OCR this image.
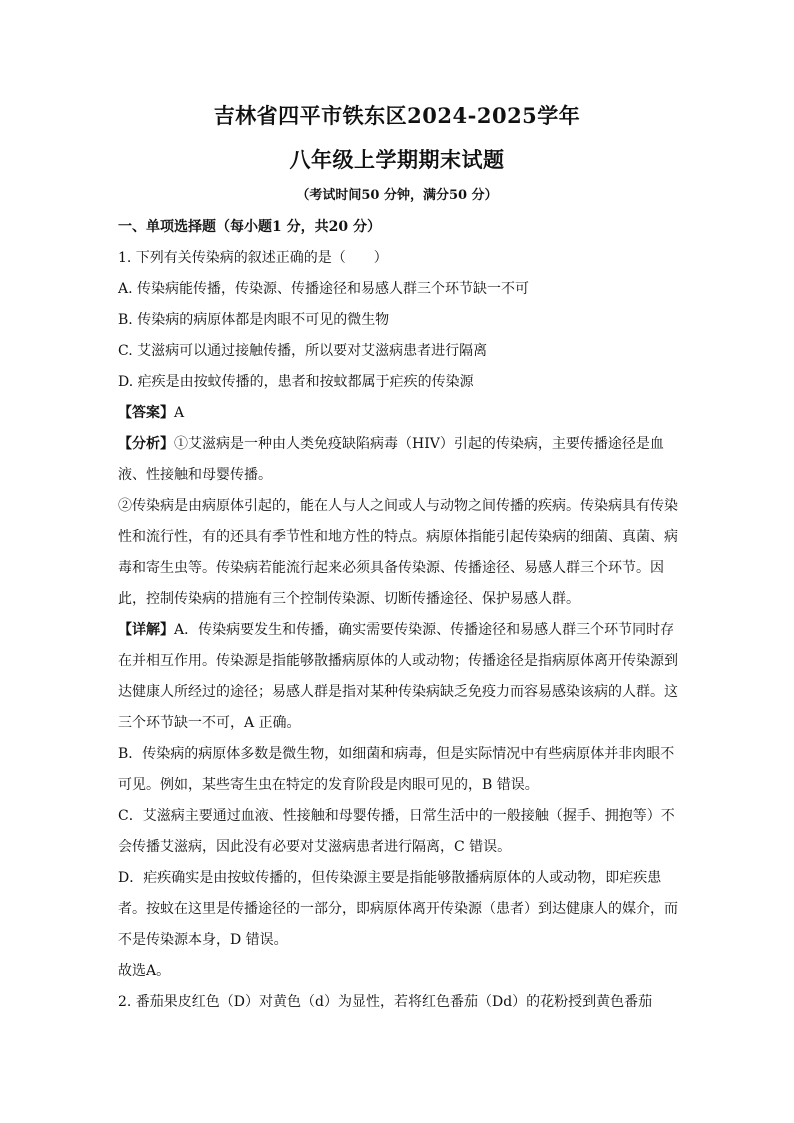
吉林省四平市铁东区2024-2025学年
八年级上学期期末试题
（考试时间50 分钟，满分50 分）

一、单项选择题（每小题1 分，共20 分）

1. 下列有关传染病的叙述正确的是（　　）

A. 传染病能传播，传染源、传播途径和易感人群三个环节缺一不可

B. 传染病的病原体都是肉眼不可见的微生物

C. 艾滋病可以通过接触传播，所以要对艾滋病患者进行隔离

D. 疟疾是由按蚊传播的，患者和按蚊都属于疟疾的传染源

【答案】A

【分析】①艾滋病是一种由人类免疫缺陷病毒（HIV）引起的传染病，主要传播途径是血液、性接触和母婴传播。

②传染病是由病原体引起的，能在人与人之间或人与动物之间传播的疾病。传染病具有传染性和流行性，有的还具有季节性和地方性的特点。病原体指能引起传染病的细菌、真菌、病毒和寄生虫等。传染病若能流行起来必须具备传染源、传播途径、易感人群三个环节。因此，控制传染病的措施有三个控制传染源、切断传播途径、保护易感人群。

【详解】A．传染病要发生和传播，确实需要传染源、传播途径和易感人群三个环节同时存在并相互作用。传染源是指能够散播病原体的人或动物；传播途径是指病原体离开传染源到达健康人所经过的途径；易感人群是指对某种传染病缺乏免疫力而容易感染该病的人群。这三个环节缺一不可，A 正确。

B．传染病的病原体多数是微生物，如细菌和病毒，但是实际情况中有些病原体并非肉眼不可见。例如，某些寄生虫在特定的发育阶段是肉眼可见的，B 错误。

C．艾滋病主要通过血液、性接触和母婴传播，日常生活中的一般接触（握手、拥抱等）不会传播艾滋病，因此没有必要对艾滋病患者进行隔离，C 错误。

D．疟疾确实是由按蚊传播的，但传染源主要是指能够散播病原体的人或动物，即疟疾患者。按蚊在这里是传播途径的一部分，即病原体离开传染源（患者）到达健康人的媒介，而不是传染源本身，D 错误。

故选A。

2. 番茄果皮红色（D）对黄色（d）为显性，若将红色番茄（Dd）的花粉授到黄色番茄
